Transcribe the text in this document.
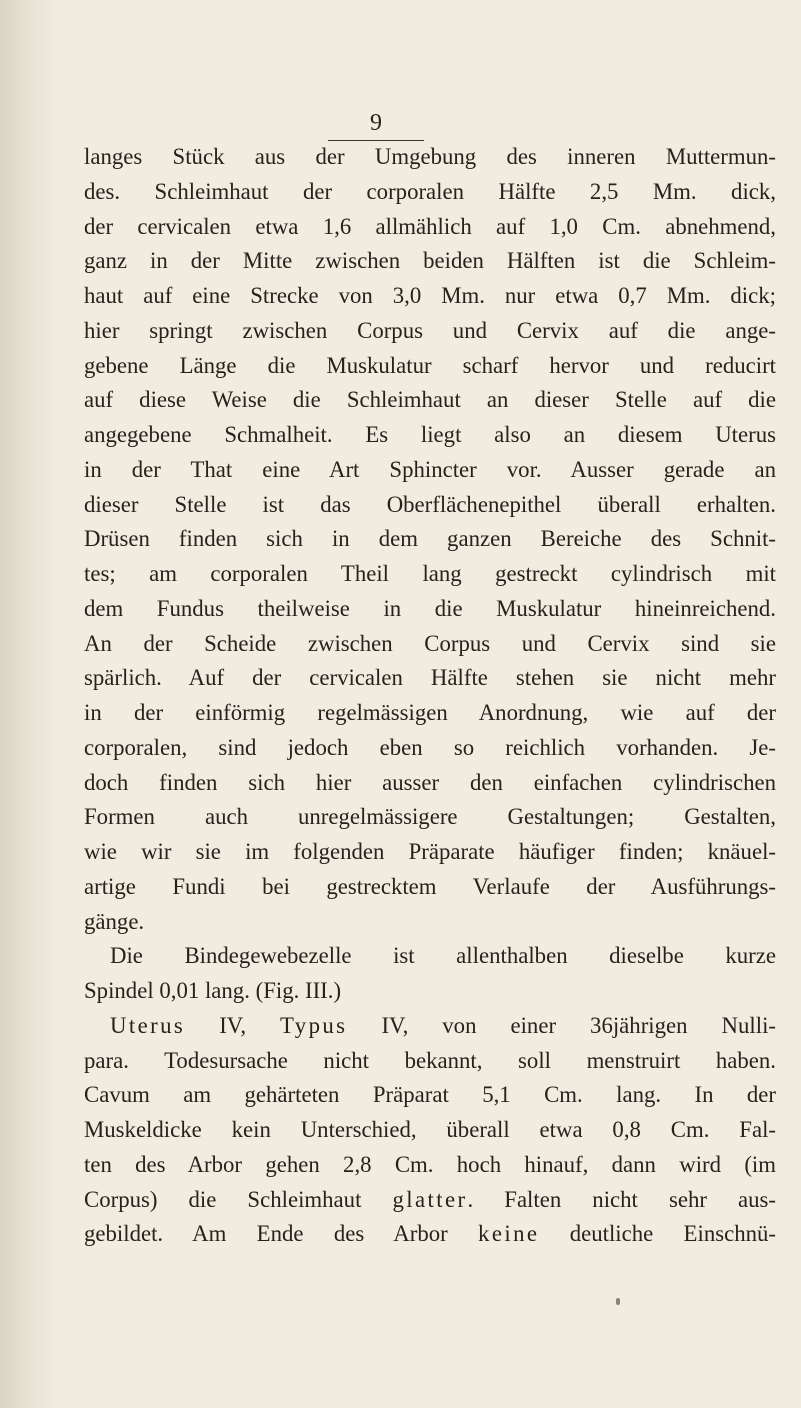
9
langes Stück aus der Umgebung des inneren Muttermun-
des. Schleimhaut der corporalen Hälfte 2,5 Mm. dick,
der cervicalen etwa 1,6 allmählich auf 1,0 Cm. abnehmend,
ganz in der Mitte zwischen beiden Hälften ist die Schleim-
haut auf eine Strecke von 3,0 Mm. nur etwa 0,7 Mm. dick;
hier springt zwischen Corpus und Cervix auf die ange-
gebene Länge die Muskulatur scharf hervor und reducirt
auf diese Weise die Schleimhaut an dieser Stelle auf die
angegebene Schmalheit. Es liegt also an diesem Uterus
in der That eine Art Sphincter vor. Ausser gerade an
dieser Stelle ist das Oberflächenepithel überall erhalten.
Drüsen finden sich in dem ganzen Bereiche des Schnit-
tes; am corporalen Theil lang gestreckt cylindrisch mit
dem Fundus theilweise in die Muskulatur hineinreichend.
An der Scheide zwischen Corpus und Cervix sind sie
spärlich. Auf der cervicalen Hälfte stehen sie nicht mehr
in der einförmig regelmässigen Anordnung, wie auf der
corporalen, sind jedoch eben so reichlich vorhanden. Je-
doch finden sich hier ausser den einfachen cylindrischen
Formen auch unregelmässigere Gestaltungen; Gestalten,
wie wir sie im folgenden Präparate häufiger finden; knäuel-
artige Fundi bei gestrecktem Verlaufe der Ausführungs-
gänge.
Die Bindegewebezelle ist allenthalben dieselbe kurze
Spindel 0,01 lang. (Fig. III.)
Uterus IV, Typus IV, von einer 36jährigen Nulli-
para. Todesursache nicht bekannt, soll menstruirt haben.
Cavum am gehärteten Präparat 5,1 Cm. lang. In der
Muskeldicke kein Unterschied, überall etwa 0,8 Cm. Fal-
ten des Arbor gehen 2,8 Cm. hoch hinauf, dann wird (im
Corpus) die Schleimhaut glatter. Falten nicht sehr aus-
gebildet. Am Ende des Arbor keine deutliche Einschnü-
